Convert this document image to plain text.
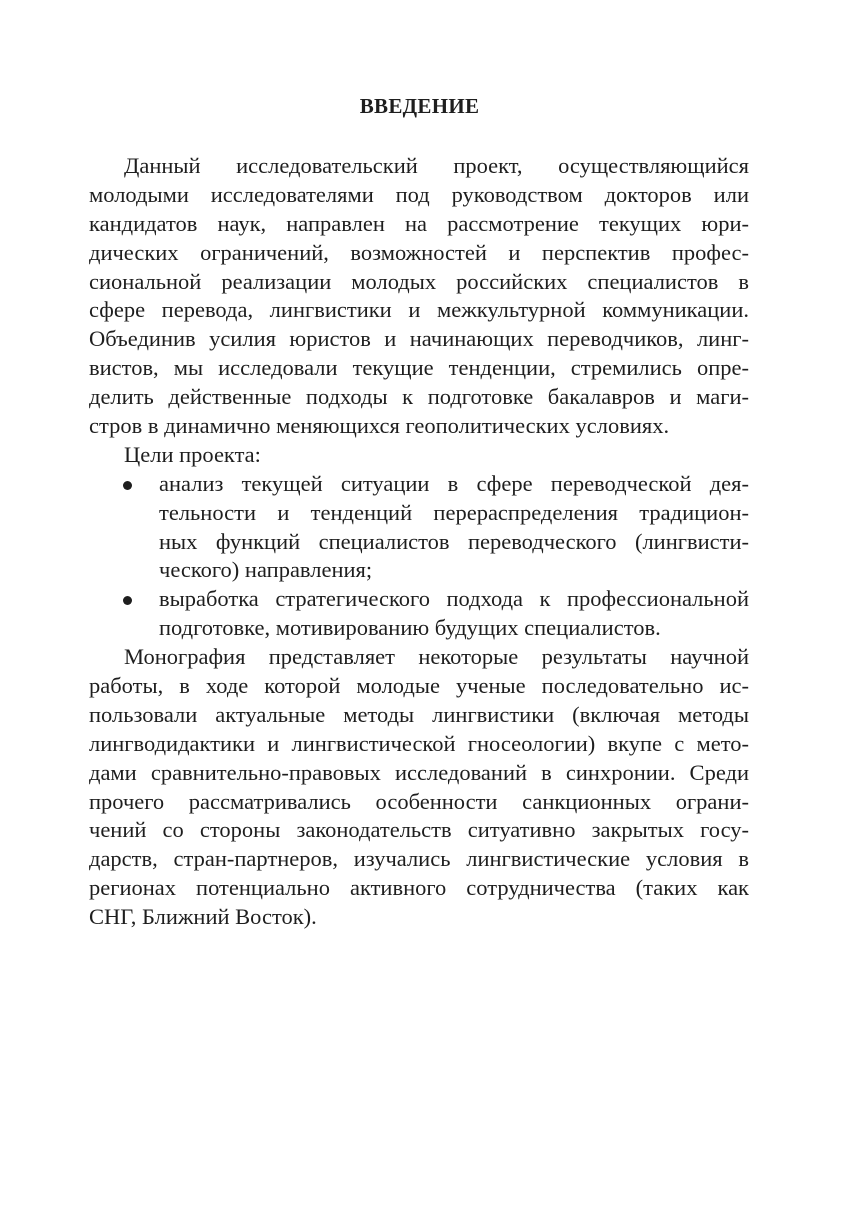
ВВЕДЕНИЕ
Данный исследовательский проект, осуществляющийся
молодыми исследователями под руководством докторов или
кандидатов наук, направлен на рассмотрение текущих юри-
дических ограничений, возможностей и перспектив профес-
сиональной реализации молодых российских специалистов в
сфере перевода, лингвистики и межкультурной коммуникации.
Объединив усилия юристов и начинающих переводчиков, линг-
вистов, мы исследовали текущие тенденции, стремились опре-
делить действенные подходы к подготовке бакалавров и маги-
стров в динамично меняющихся геополитических условиях.
Цели проекта:
анализ текущей ситуации в сфере переводческой дея-
тельности и тенденций перераспределения традицион-
ных функций специалистов переводческого (лингвисти-
ческого) направления;
выработка стратегического подхода к профессиональной
подготовке, мотивированию будущих специалистов.
Монография представляет некоторые результаты научной
работы, в ходе которой молодые ученые последовательно ис-
пользовали актуальные методы лингвистики (включая методы
лингводидактики и лингвистической гносеологии) вкупе с мето-
дами сравнительно-правовых исследований в синхронии. Среди
прочего рассматривались особенности санкционных ограни-
чений со стороны законодательств ситуативно закрытых госу-
дарств, стран-партнеров, изучались лингвистические условия в
регионах потенциально активного сотрудничества (таких как
СНГ, Ближний Восток).
